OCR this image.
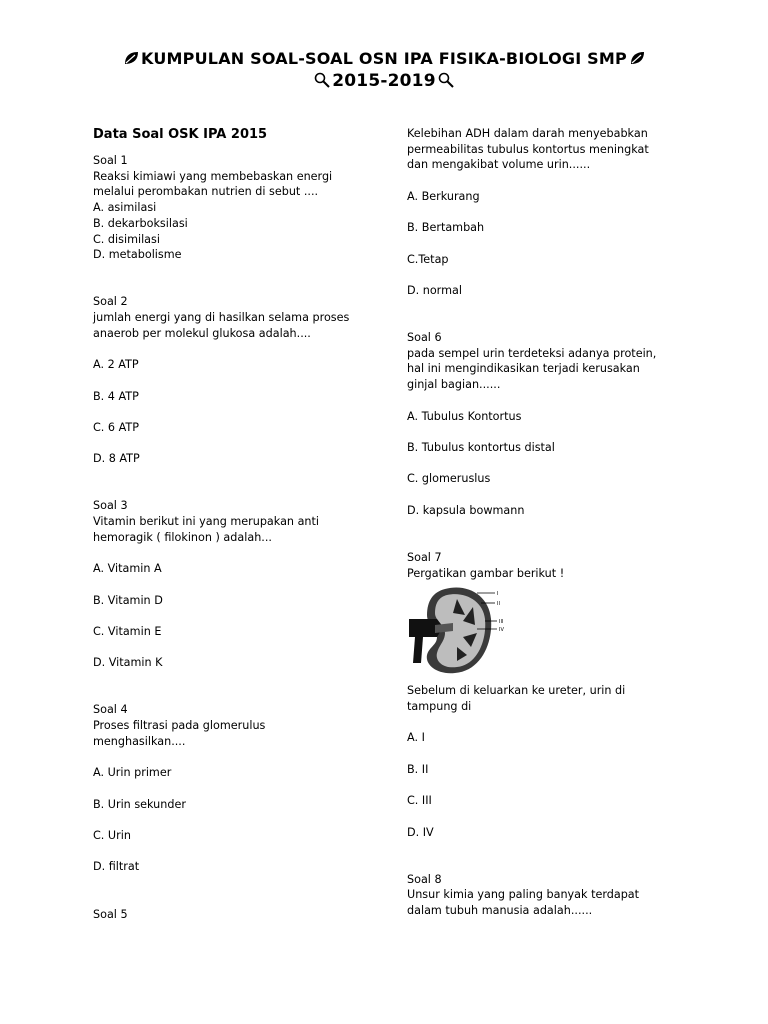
KUMPULAN SOAL-SOAL OSN IPA FISIKA-BIOLOGI SMP
2015-2019
Data Soal OSK IPA 2015
Soal 1
Reaksi kimiawi yang membebaskan energi
melalui perombakan nutrien di sebut ....
A. asimilasi
B. dekarboksilasi
C. disimilasi
D. metabolisme
Soal 2
jumlah energi yang di hasilkan selama proses
anaerob per molekul glukosa adalah....
A. 2 ATP
B. 4 ATP
C. 6 ATP
D. 8 ATP
Soal 3
Vitamin berikut ini yang merupakan anti
hemoragik ( filokinon ) adalah...
A. Vitamin A
B. Vitamin D
C. Vitamin E
D. Vitamin K
Soal 4
Proses filtrasi pada glomerulus
menghasilkan....
A. Urin primer
B. Urin sekunder
C. Urin
D. filtrat
Soal 5
Kelebihan ADH dalam darah menyebabkan
permeabilitas tubulus kontortus meningkat
dan mengakibat volume urin......
A. Berkurang
B. Bertambah
C.Tetap
D. normal
Soal 6
pada sempel urin terdeteksi adanya protein,
hal ini mengindikasikan terjadi kerusakan
ginjal bagian......
A. Tubulus Kontortus
B. Tubulus kontortus distal
C. glomeruslus
D. kapsula bowmann
Soal 7
Pergatikan gambar berikut !
I
II
III
IV
Sebelum di keluarkan ke ureter, urin di
tampung di
A. I
B. II
C. III
D. IV
Soal 8
Unsur kimia yang paling banyak terdapat
dalam tubuh manusia adalah......
